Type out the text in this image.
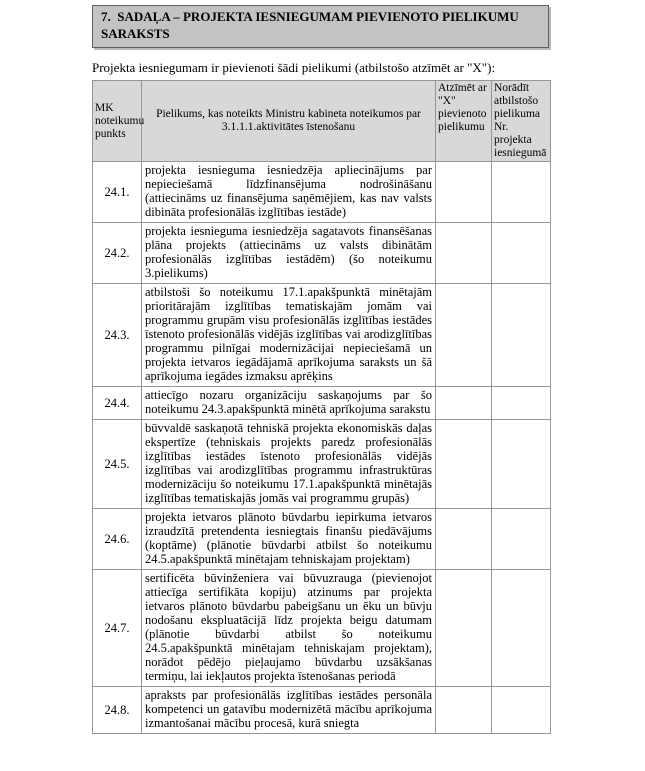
7.  SADAĻA – PROJEKTA IESNIEGUMAM PIEVIENOTO PIELIKUMU SARAKSTS

Projekta iesniegumam ir pievienoti šādi pielikumi (atbilstošo atzīmēt ar "X"):

MK noteikumu punkts	Pielikums, kas noteikts Ministru kabineta noteikumos par 3.1.1.1.aktivitātes īstenošanu	Atzīmēt ar "X" pievienoto pielikumu	Norādīt atbilstošo pielikuma Nr. projekta iesniegumā
24.1.	projekta iesnieguma iesniedzēja apliecinājums par nepieciešamā līdzfinansējuma nodrošināšanu (attiecināms uz finansējuma saņēmējiem, kas nav valsts dibināta profesionālās izglītības iestāde)		
24.2.	projekta iesnieguma iesniedzēja sagatavots finansēšanas plāna projekts (attiecināms uz valsts dibinātām profesionālās izglītības iestādēm) (šo noteikumu 3.pielikums)		
24.3.	atbilstoši šo noteikumu 17.1.apakšpunktā minētajām prioritārajām izglītības tematiskajām jomām vai programmu grupām visu profesionālās izglītības iestādes īstenoto profesionālās vidējās izglītības vai arodizglītības programmu pilnīgai modernizācijai nepieciešamā un projekta ietvaros iegādājamā aprīkojuma saraksts un šā aprīkojuma iegādes izmaksu aprēķins		
24.4.	attiecīgo nozaru organizāciju saskaņojums par šo noteikumu 24.3.apakšpunktā minētā aprīkojuma sarakstu		
24.5.	būvvaldē saskaņotā tehniskā projekta ekonomiskās daļas ekspertīze (tehniskais projekts paredz profesionālās izglītības iestādes īstenoto profesionālās vidējās izglītības vai arodizglītības programmu infrastruktūras modernizāciju šo noteikumu 17.1.apakšpunktā minētajās izglītības tematiskajās jomās vai programmu grupās)		
24.6.	projekta ietvaros plānoto būvdarbu iepirkuma ietvaros izraudzītā pretendenta iesniegtais finanšu piedāvājums (koptāme) (plānotie būvdarbi atbilst šo noteikumu 24.5.apakšpunktā minētajam tehniskajam projektam)		
24.7.	sertificēta būvinženiera vai būvuzrauga (pievienojot attiecīga sertifikāta kopiju) atzinums par projekta ietvaros plānoto būvdarbu pabeigšanu un ēku un būvju nodošanu ekspluatācijā līdz projekta beigu datumam (plānotie būvdarbi atbilst šo noteikumu 24.5.apakšpunktā minētajam tehniskajam projektam), norādot pēdējo pieļaujamo būvdarbu uzsākšanas termiņu, lai iekļautos projekta īstenošanas periodā		
24.8.	apraksts par profesionālās izglītības iestādes personāla kompetenci un gatavību modernizētā mācību aprīkojuma izmantošanai mācību procesā, kurā sniegta		
